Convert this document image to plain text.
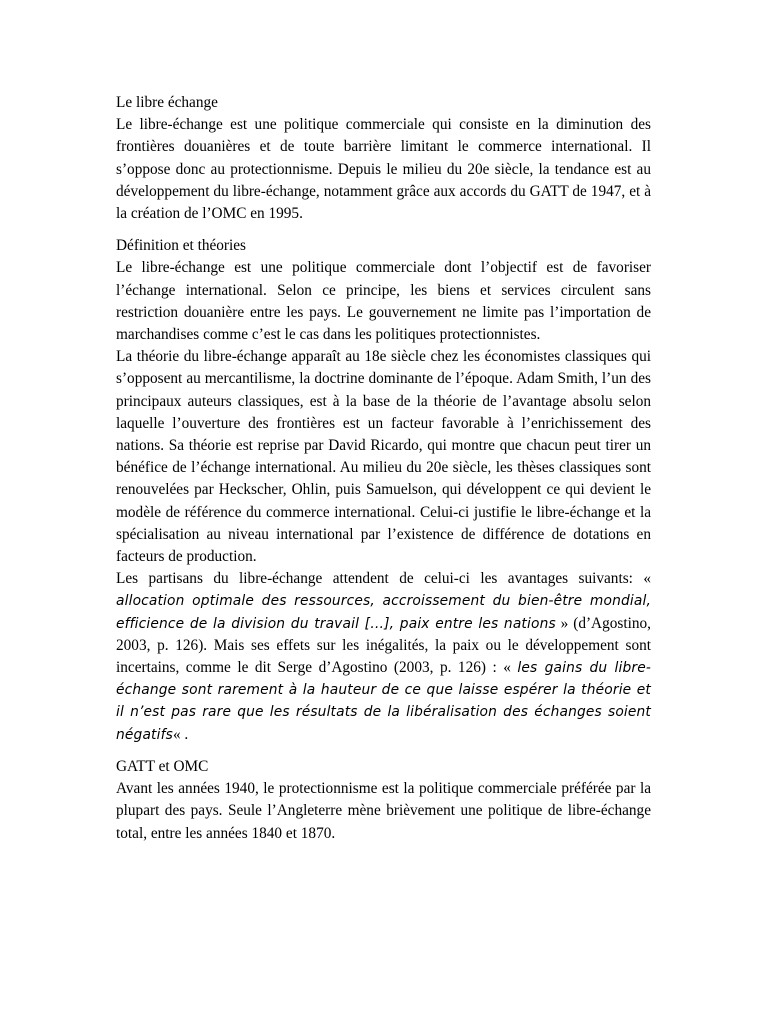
Le libre échange

Le libre-échange est une politique commerciale qui consiste en la diminution des frontières douanières et de toute barrière limitant le commerce international. Il s’oppose donc au protectionnisme. Depuis le milieu du 20e siècle, la tendance est au développement du libre-échange, notamment grâce aux accords du GATT de 1947, et à la création de l’OMC en 1995.

Définition et théories

Le libre-échange est une politique commerciale dont l’objectif est de favoriser l’échange international. Selon ce principe, les biens et services circulent sans restriction douanière entre les pays. Le gouvernement ne limite pas l’importation de marchandises comme c’est le cas dans les politiques protectionnistes.

La théorie du libre-échange apparaît au 18e siècle chez les économistes classiques qui s’opposent au mercantilisme, la doctrine dominante de l’époque. Adam Smith, l’un des principaux auteurs classiques, est à la base de la théorie de l’avantage absolu selon laquelle l’ouverture des frontières est un facteur favorable à l’enrichissement des nations. Sa théorie est reprise par David Ricardo, qui montre que chacun peut tirer un bénéfice de l’échange international. Au milieu du 20e siècle, les thèses classiques sont renouvelées par Heckscher, Ohlin, puis Samuelson, qui développent ce qui devient le modèle de référence du commerce international. Celui-ci justifie le libre-échange et la spécialisation au niveau international par l’existence de différence de dotations en facteurs de production.

Les partisans du libre-échange attendent de celui-ci les avantages suivants: « allocation optimale des ressources, accroissement du bien-être mondial, efficience de la division du travail […], paix entre les nations » (d’Agostino, 2003, p. 126). Mais ses effets sur les inégalités, la paix ou le développement sont incertains, comme le dit Serge d’Agostino (2003, p. 126) : « les gains du libre-échange sont rarement à la hauteur de ce que laisse espérer la théorie et il n’est pas rare que les résultats de la libéralisation des échanges soient négatifs« .

GATT et OMC

Avant les années 1940, le protectionnisme est la politique commerciale préférée par la plupart des pays. Seule l’Angleterre mène brièvement une politique de libre-échange total, entre les années 1840 et 1870.
